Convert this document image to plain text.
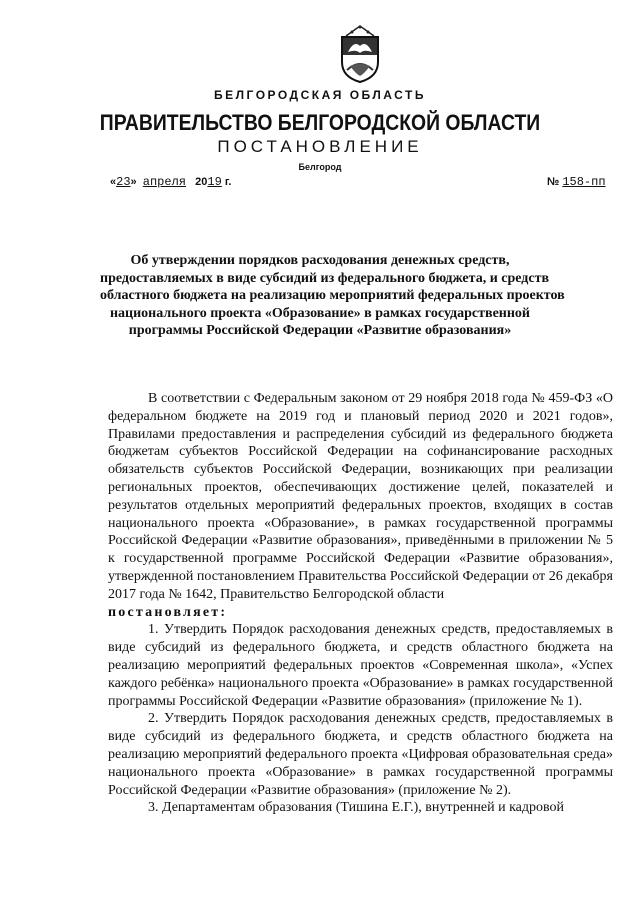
БЕЛГОРОДСКАЯ ОБЛАСТЬ
ПРАВИТЕЛЬСТВО БЕЛГОРОДСКОЙ ОБЛАСТИ
ПОСТАНОВЛЕНИЕ
Белгород
«23» апреля 2019 г.	№ 158-пп
Об утверждении порядков расходования денежных средств,
предоставляемых в виде субсидий из федерального бюджета, и средств
областного бюджета на реализацию мероприятий федеральных проектов
национального проекта «Образование» в рамках государственной
программы Российской Федерации «Развитие образования»

В соответствии с Федеральным законом от 29 ноября 2018 года № 459-ФЗ «О федеральном бюджете на 2019 год и плановый период 2020 и 2021 годов», Правилами предоставления и распределения субсидий из федерального бюджета бюджетам субъектов Российской Федерации на софинансирование расходных обязательств субъектов Российской Федерации, возникающих при реализации региональных проектов, обеспечивающих достижение целей, показателей и результатов отдельных мероприятий федеральных проектов, входящих в состав национального проекта «Образование», в рамках государственной программы Российской Федерации «Развитие образования», приведёнными в приложении № 5 к государственной программе Российской Федерации «Развитие образования», утвержденной постановлением Правительства Российской Федерации от 26 декабря 2017 года № 1642, Правительство Белгородской области

постановляет:

1. Утвердить Порядок расходования денежных средств, предоставляемых в виде субсидий из федерального бюджета, и средств областного бюджета на реализацию мероприятий федеральных проектов «Современная школа», «Успех каждого ребёнка» национального проекта «Образование» в рамках государственной программы Российской Федерации «Развитие образования» (приложение № 1).

2. Утвердить Порядок расходования денежных средств, предоставляемых в виде субсидий из федерального бюджета, и средств областного бюджета на реализацию мероприятий федерального проекта «Цифровая образовательная среда» национального проекта «Образование» в рамках государственной программы Российской Федерации «Развитие образования» (приложение № 2).

3. Департаментам образования (Тишина Е.Г.), внутренней и кадровой
